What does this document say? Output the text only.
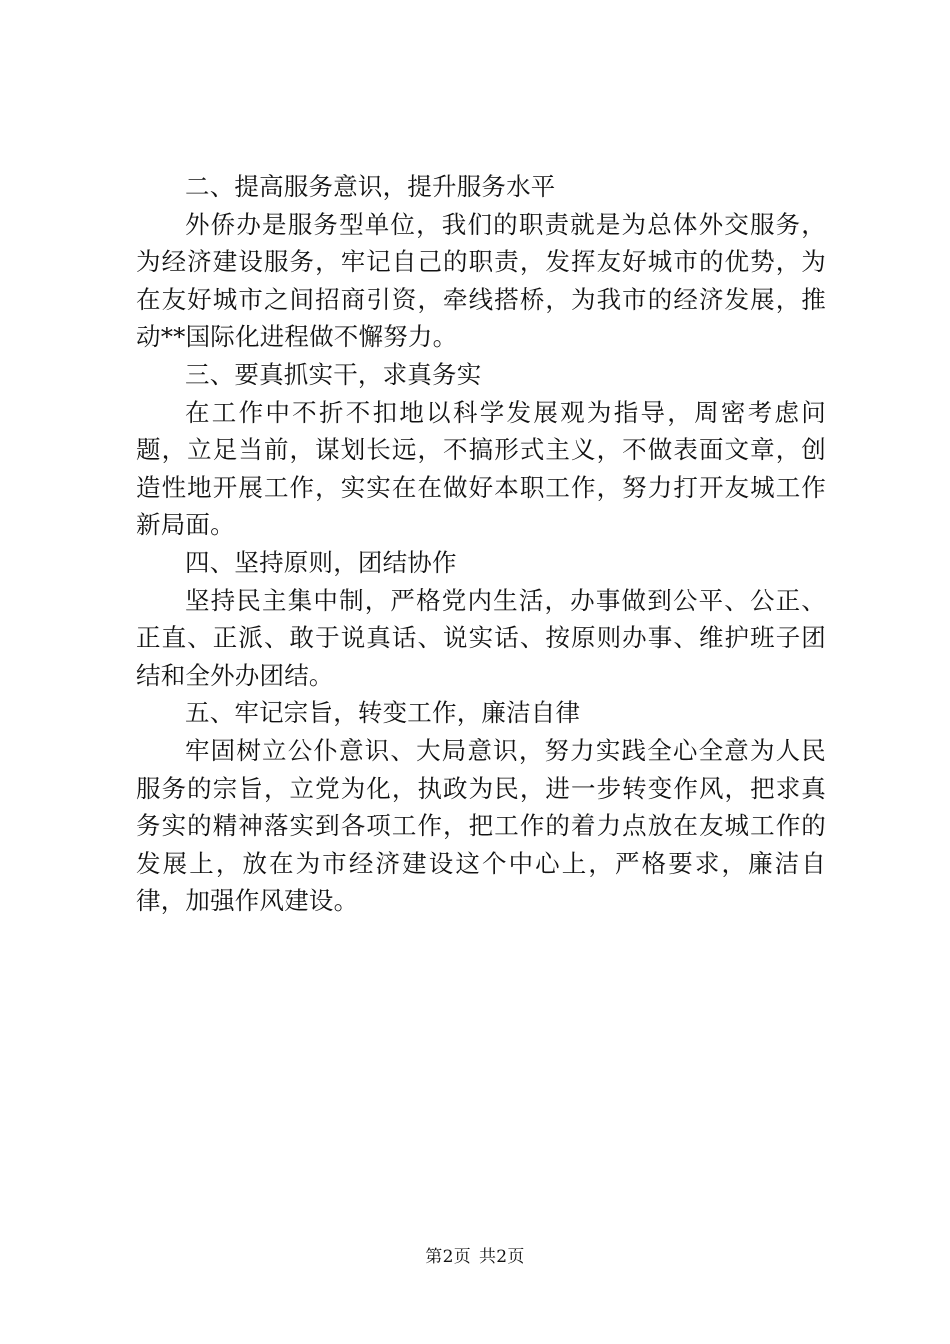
二、提高服务意识，提升服务水平

外侨办是服务型单位，我们的职责就是为总体外交服务，为经济建设服务，牢记自己的职责，发挥友好城市的优势，为在友好城市之间招商引资，牵线搭桥，为我市的经济发展，推动**国际化进程做不懈努力。

三、要真抓实干，求真务实

在工作中不折不扣地以科学发展观为指导，周密考虑问题，立足当前，谋划长远，不搞形式主义，不做表面文章，创造性地开展工作，实实在在做好本职工作，努力打开友城工作新局面。

四、坚持原则，团结协作

坚持民主集中制，严格党内生活，办事做到公平、公正、正直、正派、敢于说真话、说实话、按原则办事、维护班子团结和全外办团结。

五、牢记宗旨，转变工作，廉洁自律

牢固树立公仆意识、大局意识，努力实践全心全意为人民服务的宗旨，立党为化，执政为民，进一步转变作风，把求真务实的精神落实到各项工作，把工作的着力点放在友城工作的发展上，放在为市经济建设这个中心上，严格要求，廉洁自律，加强作风建设。

第2页 共2页
